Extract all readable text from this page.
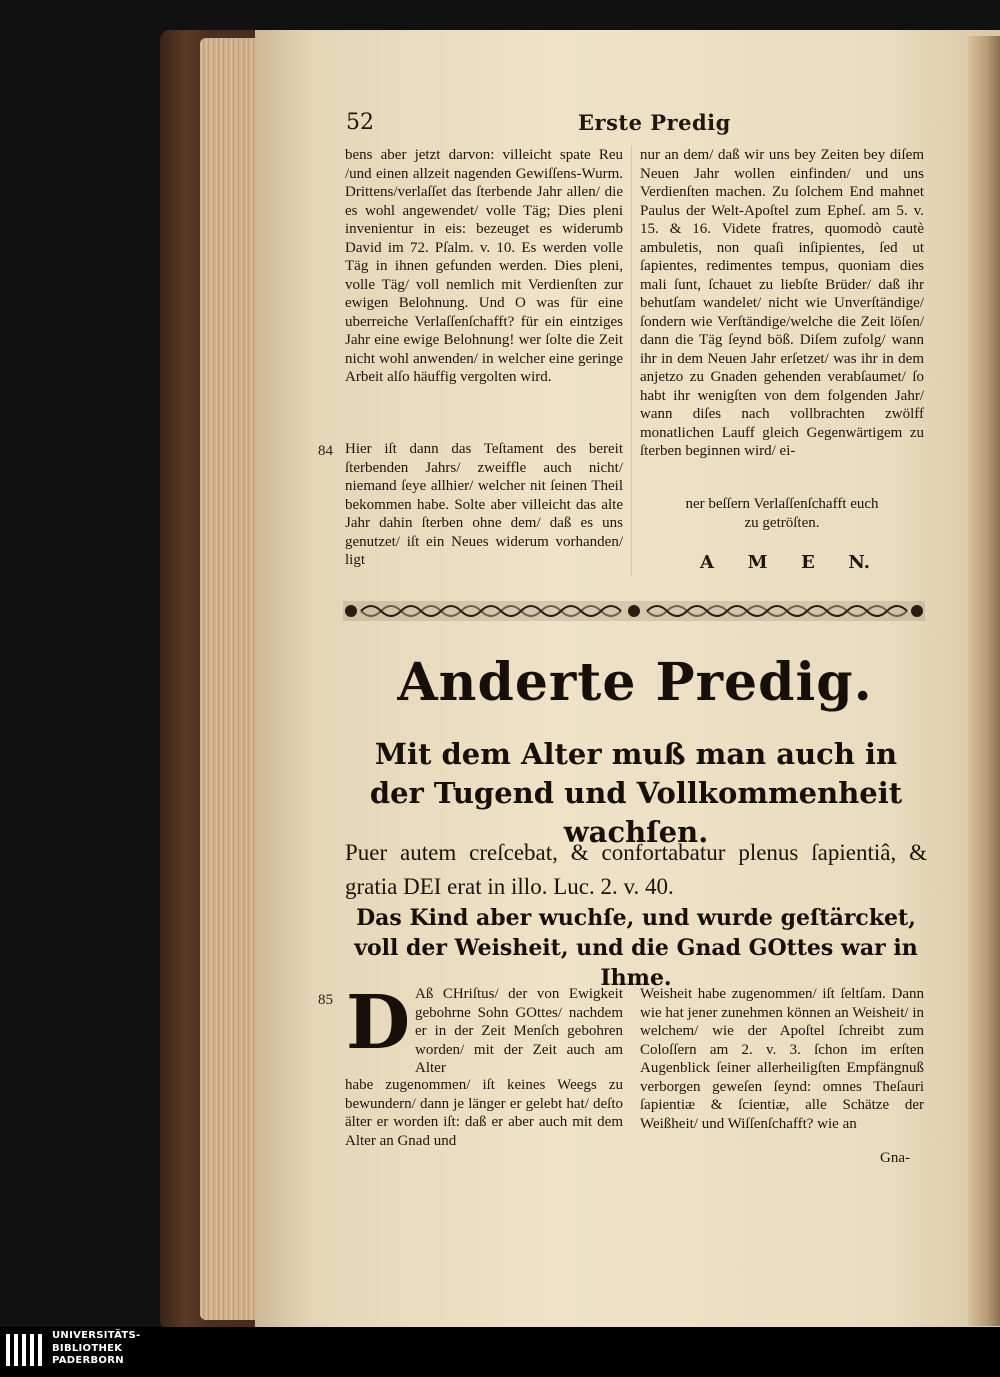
52	Erste Predig

bens aber jetzt darvon: villeicht spate Reu /und einen allzeit nagenden Gewiſſens-Wurm. Drittens/verlaſſet das ſterbende Jahr allen/ die es wohl angewendet/ volle Täg; Dies pleni invenientur in eis: bezeuget es widerumb David im 72. Pſalm. v. 10. Es werden volle Täg in ihnen gefunden werden. Dies pleni, volle Täg/ voll nemlich mit Verdienſten zur ewigen Belohnung. Und O was für eine uberreiche Verlaſſenſchafft? für ein eintziges Jahr eine ewige Belohnung! wer ſolte die Zeit nicht wohl anwenden/ in welcher eine geringe Arbeit alſo häuffig vergolten wird.

84 Hier iſt dann das Teſtament des bereit ſterbenden Jahrs/ zweiffle auch nicht/ niemand ſeye allhier/ welcher nit ſeinen Theil bekommen habe. Solte aber villeicht das alte Jahr dahin ſterben ohne dem/ daß es uns genutzet/ iſt ein Neues widerum vorhanden/ ligt

nur an dem/ daß wir uns bey Zeiten bey diſem Neuen Jahr wollen einfinden/ und uns Verdienſten machen. Zu ſolchem End mahnet Paulus der Welt-Apoſtel zum Epheſ. am 5. v. 15. & 16. Videte fratres, quomodò cautè ambuletis, non quaſi inſipientes, ſed ut ſapientes, redimentes tempus, quoniam dies mali ſunt, ſchauet zu liebſte Brüder/ daß ihr behutſam wandelet/ nicht wie Unverſtändige/ſondern wie Verſtändige/welche die Zeit löſen/ dann die Täg ſeynd böß. Diſem zufolg/ wann ihr in dem Neuen Jahr erſetzet/ was ihr in dem anjetzo zu Gnaden gehenden verabſaumet/ ſo habt ihr wenigſten von dem folgenden Jahr/ wann diſes nach vollbrachten zwölff monatlichen Lauff gleich Gegenwärtigem zu ſterben beginnen wird/ ei-

ner beſſern Verlaſſenſchafft euch
zu getröſten.
A M E N.
Anderte Predig.
Mit dem Alter muß man auch in der Tugend und Vollkommenheit wachſen.
Puer autem creſcebat, & confortabatur plenus ſapientiâ, & gratia DEI erat in illo. Luc. 2. v. 40.
Das Kind aber wuchſe, und wurde geſtärcket, voll der Weisheit, und die Gnad GOttes war in Ihme.
85 D Aß CHriſtus/ der von Ewigkeit gebohrne Sohn GOttes/ nachdem er in der Zeit Menſch gebohren worden/ mit der Zeit auch am Alter

habe zugenommen/ iſt keines Weegs zu bewundern/ dann je länger er gelebt hat/ deſto älter er worden iſt: daß er aber auch mit dem Alter an Gnad und

Weisheit habe zugenommen/ iſt ſeltſam. Dann wie hat jener zunehmen können an Weisheit/ in welchem/ wie der Apoſtel ſchreibt zum Coloſſern am 2. v. 3. ſchon im erſten Augenblick ſeiner allerheiligſten Empfängnuß verborgen geweſen ſeynd: omnes Theſauri ſapientiæ & ſcientiæ, alle Schätze der Weißheit/ und Wiſſenſchafft? wie an

Gna-
UNIVERSITÄTS-
BIBLIOTHEK
PADERBORN
